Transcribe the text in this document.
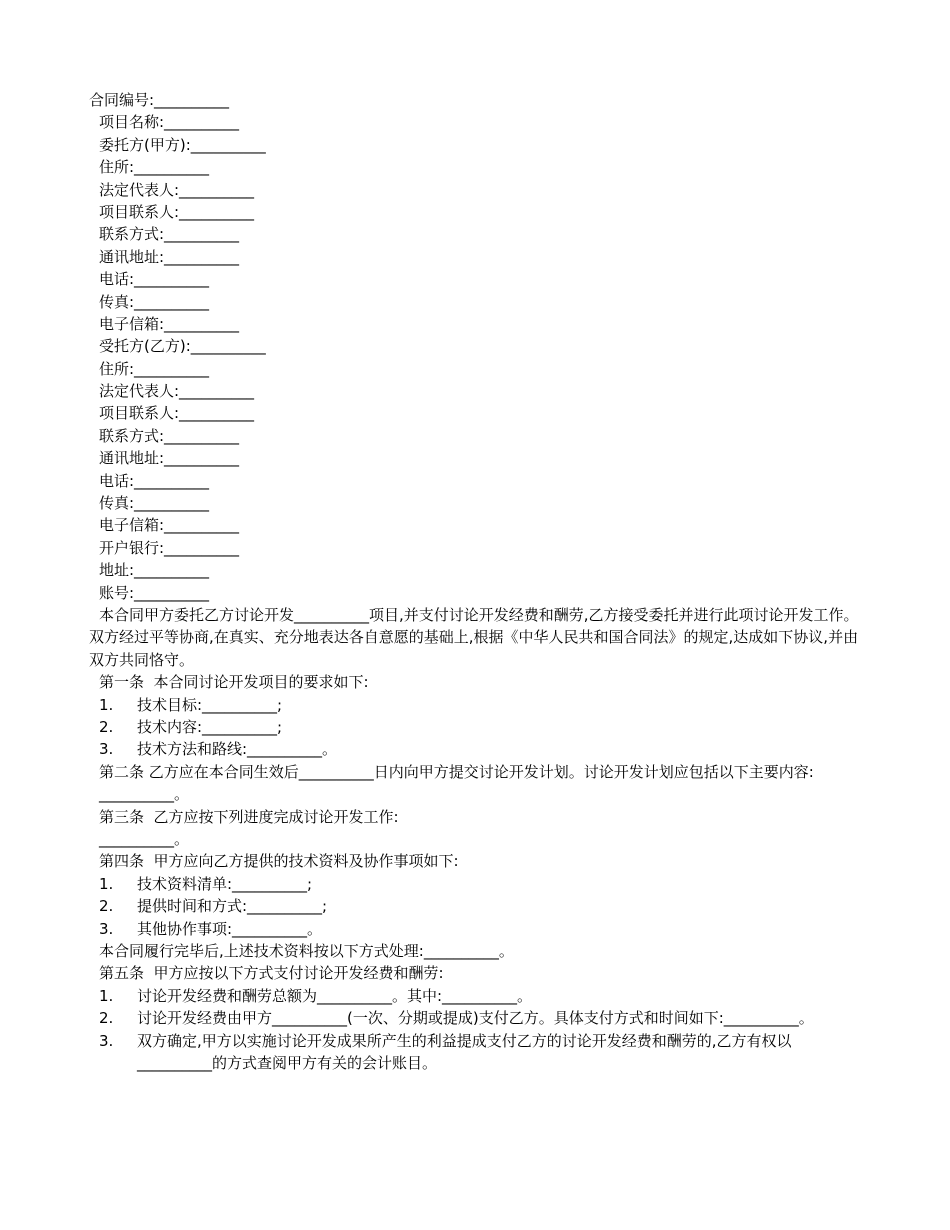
合同编号:__________
项目名称:__________
委托方(甲方):__________
住所:__________
法定代表人:__________
项目联系人:__________
联系方式:__________
通讯地址:__________
电话:__________
传真:__________
电子信箱:__________
受托方(乙方):__________
住所:__________
法定代表人:__________
项目联系人:__________
联系方式:__________
通讯地址:__________
电话:__________
传真:__________
电子信箱:__________
开户银行:__________
地址:__________
账号:__________
本合同甲方委托乙方讨论开发__________项目,并支付讨论开发经费和酬劳,乙方接受委托并进行此项讨论开发工作。双方经过平等协商,在真实、充分地表达各自意愿的基础上,根据《中华人民共和国合同法》的规定,达成如下协议,并由双方共同恪守。
第一条  本合同讨论开发项目的要求如下:
1.	技术目标:__________;
2.	技术内容:__________;
3.	技术方法和路线:__________。
第二条 乙方应在本合同生效后__________日内向甲方提交讨论开发计划。讨论开发计划应包括以下主要内容:
__________。
第三条  乙方应按下列进度完成讨论开发工作:
__________。
第四条  甲方应向乙方提供的技术资料及协作事项如下:
1.	技术资料清单:__________;
2.	提供时间和方式:__________;
3.	其他协作事项:__________。
本合同履行完毕后,上述技术资料按以下方式处理:__________。
第五条  甲方应按以下方式支付讨论开发经费和酬劳:
1.	讨论开发经费和酬劳总额为__________。其中:__________。
2.	讨论开发经费由甲方__________(一次、分期或提成)支付乙方。具体支付方式和时间如下:__________。
3.	双方确定,甲方以实施讨论开发成果所产生的利益提成支付乙方的讨论开发经费和酬劳的,乙方有权以__________的方式查阅甲方有关的会计账目。
